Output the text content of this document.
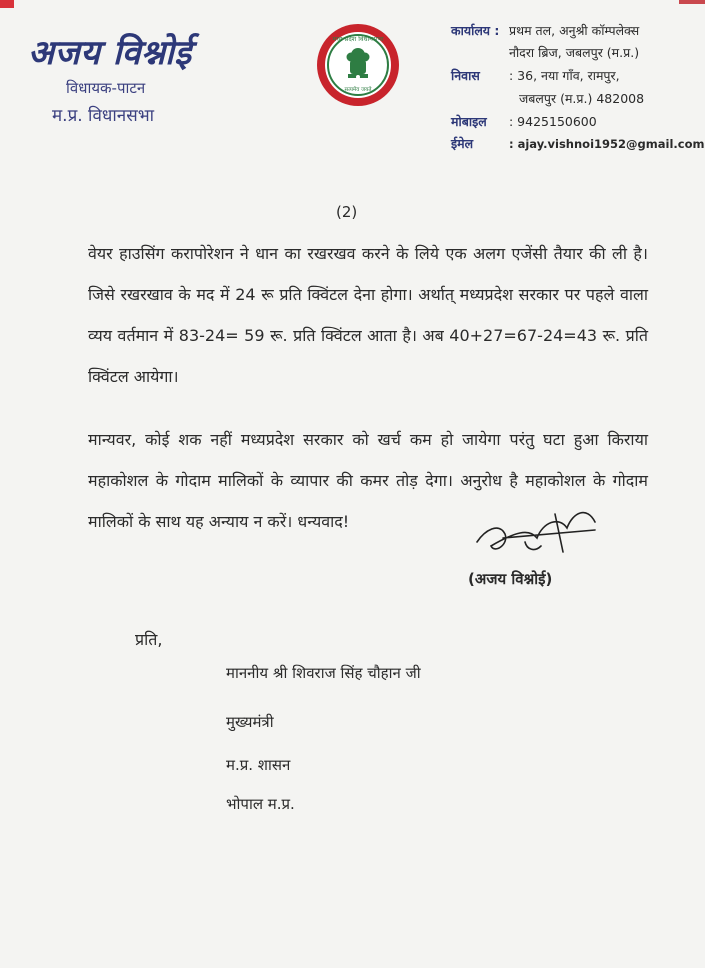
अजय विश्नोई
विधायक-पाटन
म.प्र. विधानसभा
मध्य प्रदेश विधानसभा
सत्यमेव जयते
कार्यालय : प्रथम तल, अनुश्री कॉम्पलेक्स
नौदरा ब्रिज, जबलपुर (म.प्र.)
निवास : 36, नया गाँव, रामपुर,
जबलपुर (म.प्र.) 482008
मोबाइल : 9425150600
ईमेल	: ajay.vishnoi1952@gmail.com
(2)

वेयर हाउसिंग करापोरेशन ने धान का रखरखव करने के लिये एक अलग एजेंसी तैयार की ली है। जिसे रखरखाव के मद में 24 रू प्रति क्विंटल देना होगा। अर्थात् मध्यप्रदेश सरकार पर पहले वाला व्यय वर्तमान में 83-24= 59 रू. प्रति क्विंटल आता है। अब 40+27=67-24=43 रू. प्रति क्विंटल आयेगा।

मान्यवर, कोई शक नहीं मध्यप्रदेश सरकार को खर्च कम हो जायेगा परंतु घटा हुआ किराया महाकोशल के गोदाम मालिकों के व्यापार की कमर तोड़ देगा। अनुरोध है महाकोशल के गोदाम मालिकों के साथ यह अन्याय न करें। धन्यवाद!

(अजय विश्नोई)
प्रति,
माननीय श्री शिवराज सिंह चौहान जी
मुख्यमंत्री
म.प्र. शासन
भोपाल म.प्र.
